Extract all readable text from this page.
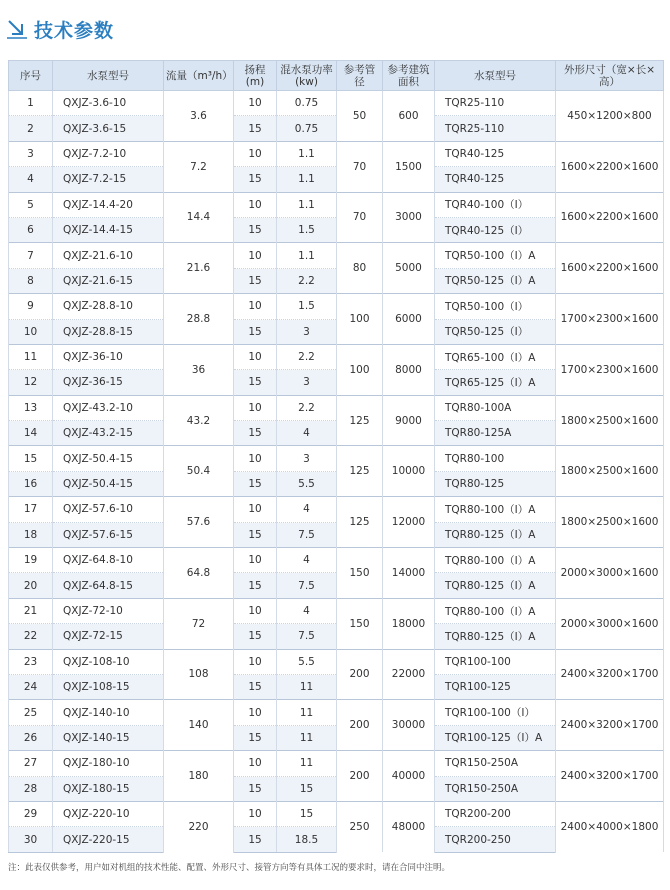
技术参数
序号	水泵型号	流量（m³/h）	扬程(m)	混水泵功率(kw)	参考管径	参考建筑面积	水泵型号	外形尺寸（宽×长×高）
1	QXJZ-3.6-10	3.6	10	0.75	50	600	TQR25-110	450×1200×800
2	QXJZ-3.6-15		15	0.75			TQR25-110	
3	QXJZ-7.2-10	7.2	10	1.1	70	1500	TQR40-125	1600×2200×1600
4	QXJZ-7.2-15		15	1.1			TQR40-125	
5	QXJZ-14.4-20	14.4	10	1.1	70	3000	TQR40-100（I）	1600×2200×1600
6	QXJZ-14.4-15		15	1.5			TQR40-125（I）	
7	QXJZ-21.6-10	21.6	10	1.1	80	5000	TQR50-100（I）A	1600×2200×1600
8	QXJZ-21.6-15		15	2.2			TQR50-125（I）A	
9	QXJZ-28.8-10	28.8	10	1.5	100	6000	TQR50-100（I）	1700×2300×1600
10	QXJZ-28.8-15		15	3			TQR50-125（I）	
11	QXJZ-36-10	36	10	2.2	100	8000	TQR65-100（I）A	1700×2300×1600
12	QXJZ-36-15		15	3			TQR65-125（I）A	
13	QXJZ-43.2-10	43.2	10	2.2	125	9000	TQR80-100A	1800×2500×1600
14	QXJZ-43.2-15		15	4			TQR80-125A	
15	QXJZ-50.4-15	50.4	10	3	125	10000	TQR80-100	1800×2500×1600
16	QXJZ-50.4-15		15	5.5			TQR80-125	
17	QXJZ-57.6-10	57.6	10	4	125	12000	TQR80-100（I）A	1800×2500×1600
18	QXJZ-57.6-15		15	7.5			TQR80-125（I）A	
19	QXJZ-64.8-10	64.8	10	4	150	14000	TQR80-100（I）A	2000×3000×1600
20	QXJZ-64.8-15		15	7.5			TQR80-125（I）A	
21	QXJZ-72-10	72	10	4	150	18000	TQR80-100（I）A	2000×3000×1600
22	QXJZ-72-15		15	7.5			TQR80-125（I）A	
23	QXJZ-108-10	108	10	5.5	200	22000	TQR100-100	2400×3200×1700
24	QXJZ-108-15		15	11			TQR100-125	
25	QXJZ-140-10	140	10	11	200	30000	TQR100-100（I）	2400×3200×1700
26	QXJZ-140-15		15	11			TQR100-125（I）A	
27	QXJZ-180-10	180	10	11	200	40000	TQR150-250A	2400×3200×1700
28	QXJZ-180-15		15	15			TQR150-250A	
29	QXJZ-220-10	220	10	15	250	48000	TQR200-200	2400×4000×1800
30	QXJZ-220-15		15	18.5			TQR200-250	
注：此表仅供参考，用户如对机组的技术性能、配置、外形尺寸、接管方向等有具体工况的要求时，请在合同中注明。
